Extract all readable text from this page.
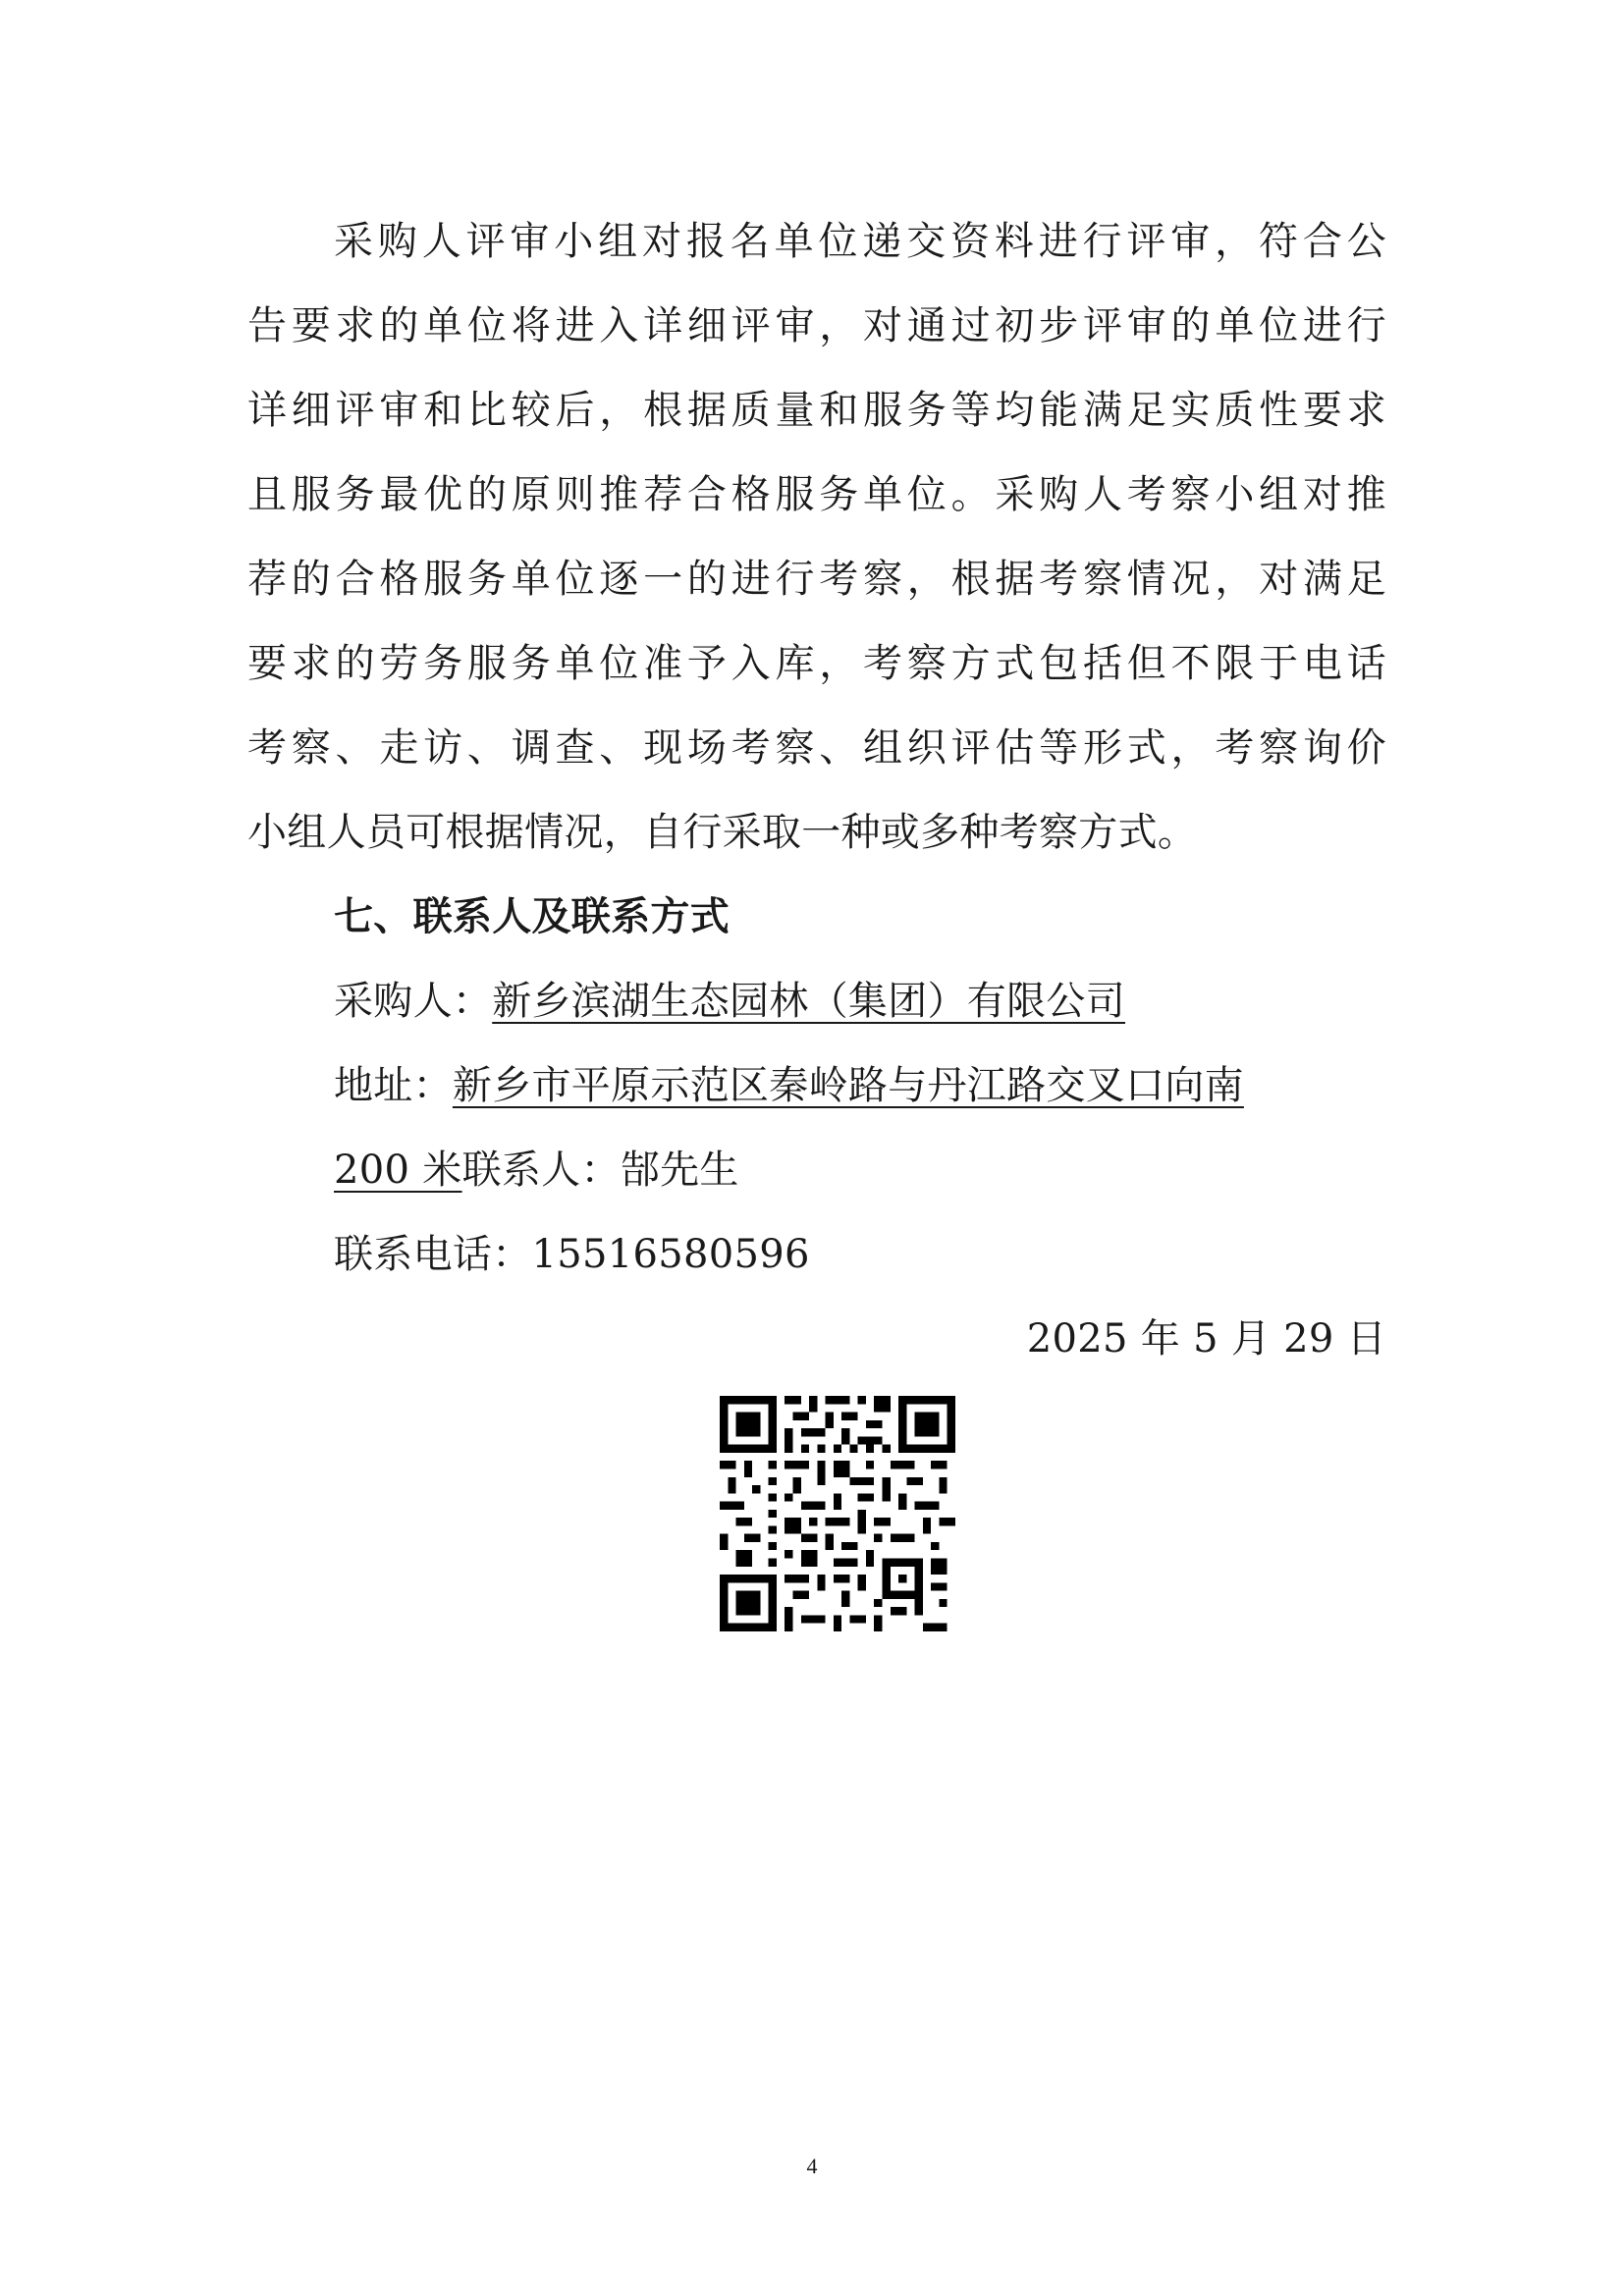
采购人评审小组对报名单位递交资料进行评审，符合公
告要求的单位将进入详细评审，对通过初步评审的单位进行
详细评审和比较后，根据质量和服务等均能满足实质性要求
且服务最优的原则推荐合格服务单位。采购人考察小组对推
荐的合格服务单位逐一的进行考察，根据考察情况，对满足
要求的劳务服务单位准予入库，考察方式包括但不限于电话
考察、走访、调查、现场考察、组织评估等形式，考察询价
小组人员可根据情况，自行采取一种或多种考察方式。
七、联系人及联系方式
采购人：新乡滨湖生态园林（集团）有限公司
地址：新乡市平原示范区秦岭路与丹江路交叉口向南
200 米联系人：郜先生
联系电话：15516580596
2025 年 5 月 29 日
4
